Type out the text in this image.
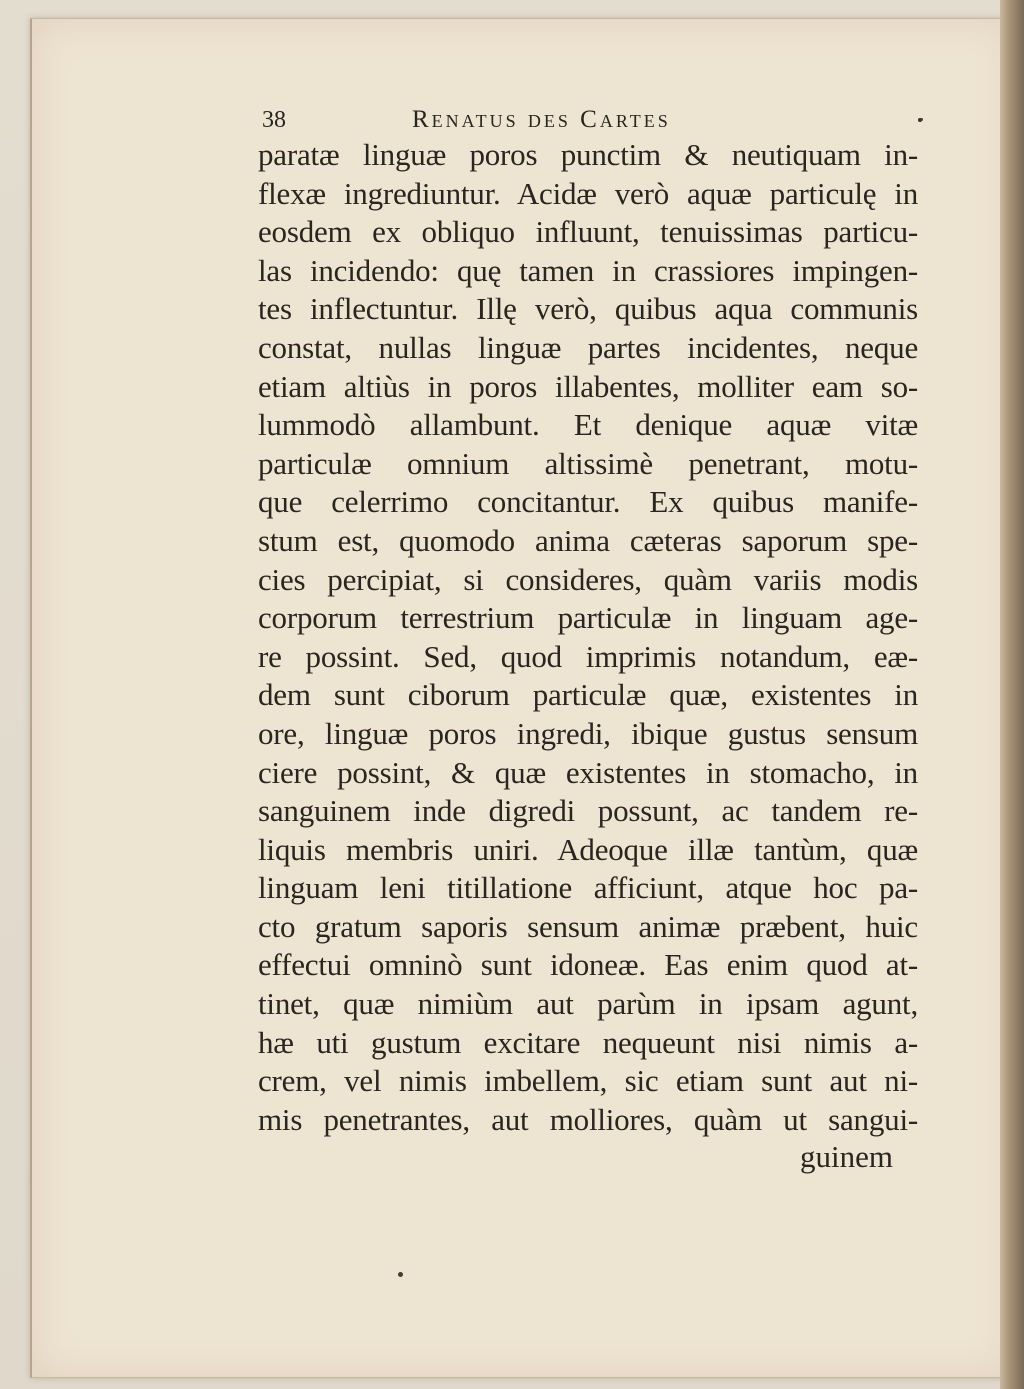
38	Renatus des Cartes
paratæ linguæ poros punctim & neutiquam in-
flexæ ingrediuntur. Acidæ verò aquæ particulę in
eosdem ex obliquo influunt, tenuissimas particu-
las incidendo: quę tamen in crassiores impingen-
tes inflectuntur. Illę verò, quibus aqua communis
constat, nullas linguæ partes incidentes, neque
etiam altiùs in poros illabentes, molliter eam so-
lummodò allambunt. Et denique aquæ vitæ
particulæ omnium altissimè penetrant, motu-
que celerrimo concitantur. Ex quibus manife-
stum est, quomodo anima cæteras saporum spe-
cies percipiat, si consideres, quàm variis modis
corporum terrestrium particulæ in linguam age-
re possint. Sed, quod imprimis notandum, eæ-
dem sunt ciborum particulæ quæ, existentes in
ore, linguæ poros ingredi, ibique gustus sensum
ciere possint, & quæ existentes in stomacho, in
sanguinem inde digredi possunt, ac tandem re-
liquis membris uniri. Adeoque illæ tantùm, quæ
linguam leni titillatione afficiunt, atque hoc pa-
cto gratum saporis sensum animæ præbent, huic
effectui omninò sunt idoneæ. Eas enim quod at-
tinet, quæ nimiùm aut parùm in ipsam agunt,
hæ uti gustum excitare nequeunt nisi nimis a-
crem, vel nimis imbellem, sic etiam sunt aut ni-
mis penetrantes, aut molliores, quàm ut sangui-
guinem
